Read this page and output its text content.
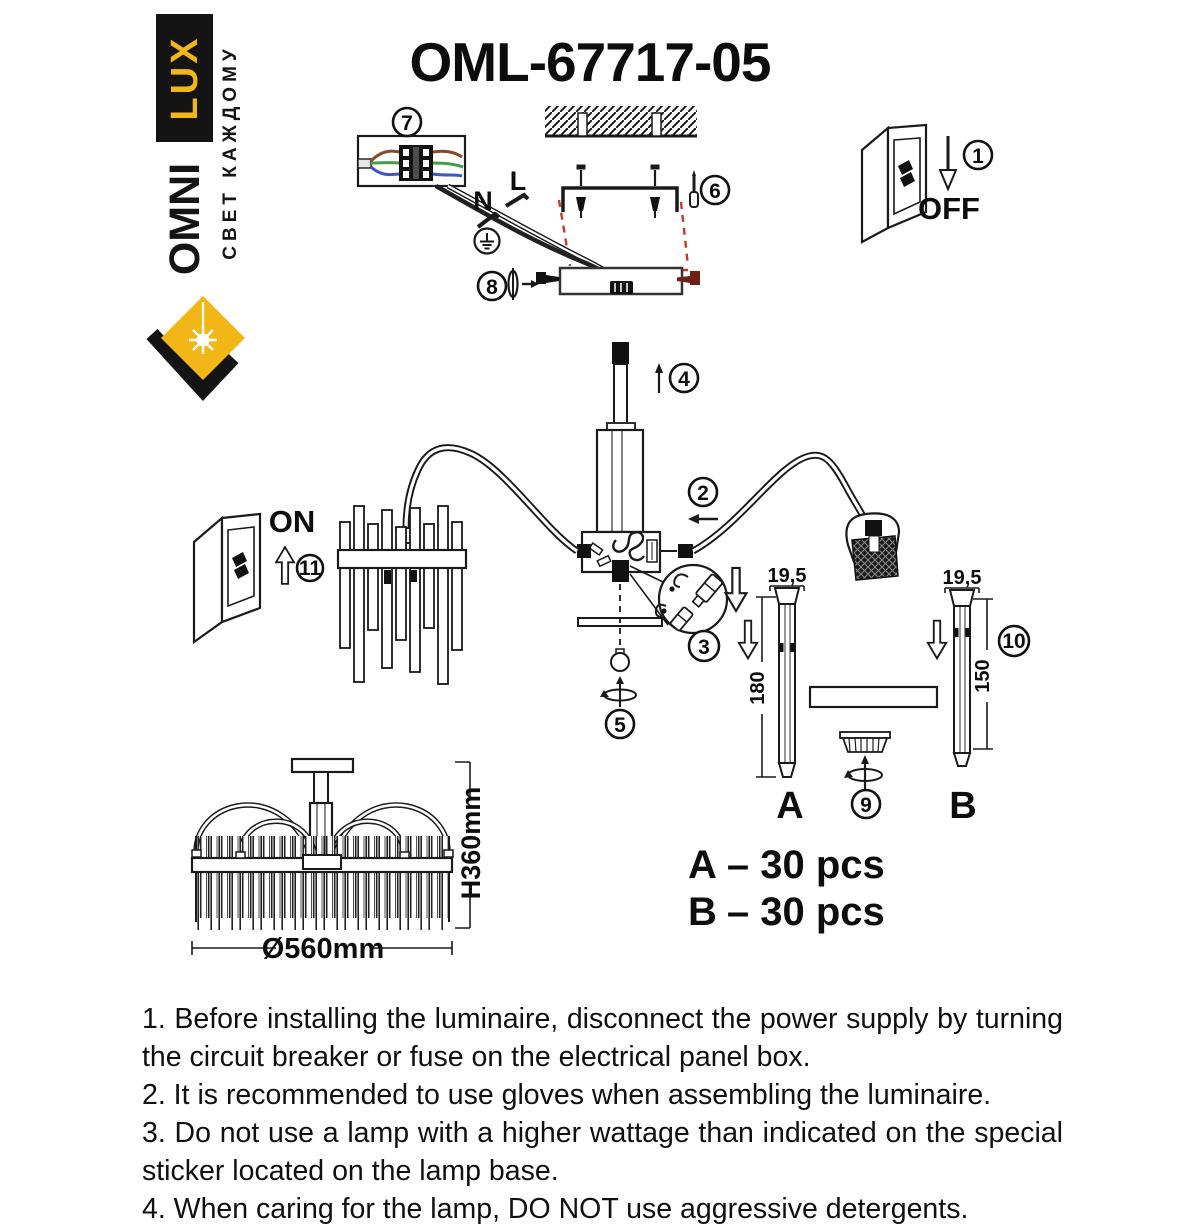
LUX
OMNI СВЕТ КАЖДОМУ	OML-67717-05
N
L
OFF
ON
19,5
180
A
19,5
150
B
H360mm
Ø560mm
1
2
3
4
5
6
7
8
9
10
11
A – 30 pcs
B – 30 pcs

1. Before installing the luminaire, disconnect the power supply by turning the circuit breaker or fuse on the electrical panel box.

2. It is recommended to use gloves when assembling the luminaire.

3. Do not use a lamp with a higher wattage than indicated on the special sticker located on the lamp base.

4. When caring for the lamp, DO NOT use aggressive detergents.
